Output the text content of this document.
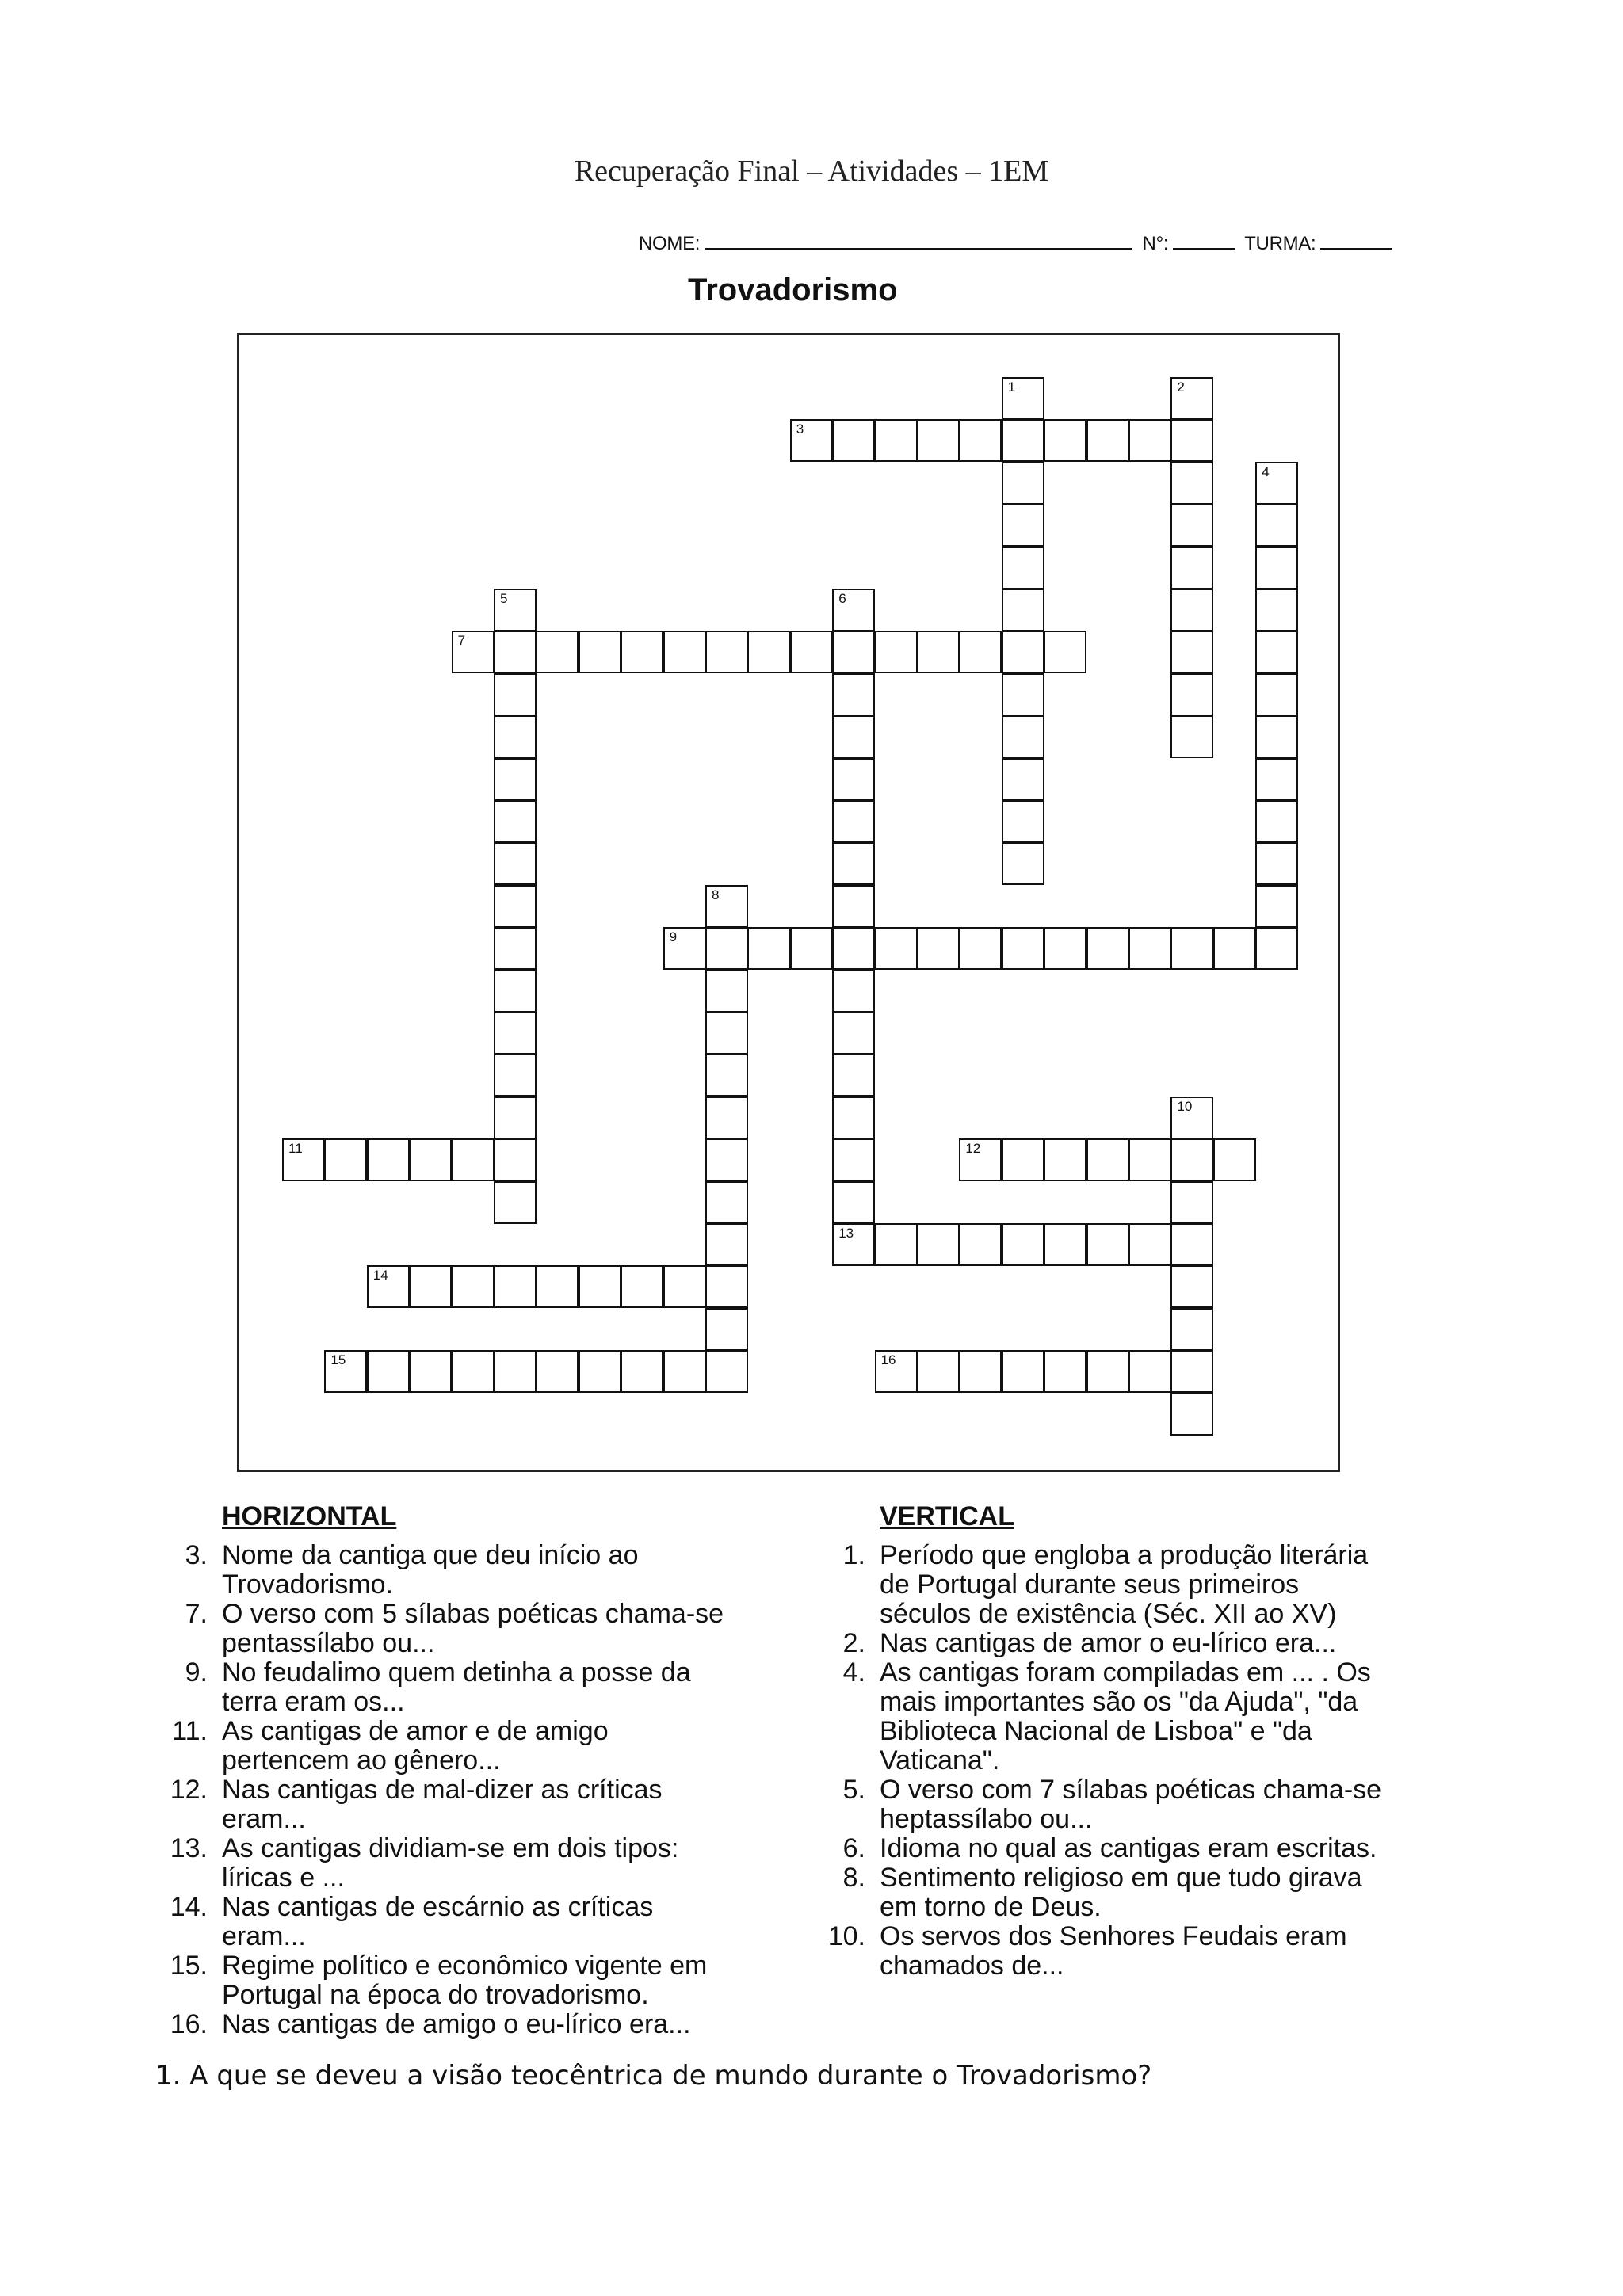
Recuperação Final – Atividades – 1EM
NOME:	N°:	TURMA:
Trovadorismo
3
7
9
11	12
13
14
15	16
1	2
4
5	6
8
10
HORIZONTAL
3. Nome da cantiga que deu início ao
Trovadorismo.
7. O verso com 5 sílabas poéticas chama-se
pentassílabo ou...
9. No feudalimo quem detinha a posse da
terra eram os...
11. As cantigas de amor e de amigo
pertencem ao gênero...
12. Nas cantigas de mal-dizer as críticas
eram...
13. As cantigas dividiam-se em dois tipos:
líricas e ...
14. Nas cantigas de escárnio as críticas
eram...
15. Regime político e econômico vigente em
Portugal na época do trovadorismo.
16. Nas cantigas de amigo o eu-lírico era...
VERTICAL
1. Período que engloba a produção literária
de Portugal durante seus primeiros
séculos de existência (Séc. XII ao XV)
2. Nas cantigas de amor o eu-lírico era...
4. As cantigas foram compiladas em ... . Os
mais importantes são os "da Ajuda", "da
Biblioteca Nacional de Lisboa" e "da
Vaticana".
5. O verso com 7 sílabas poéticas chama-se
heptassílabo ou...
6. Idioma no qual as cantigas eram escritas.
8. Sentimento religioso em que tudo girava
em torno de Deus.
10. Os servos dos Senhores Feudais eram
chamados de...
1. A que se deveu a visão teocêntrica de mundo durante o Trovadorismo?
